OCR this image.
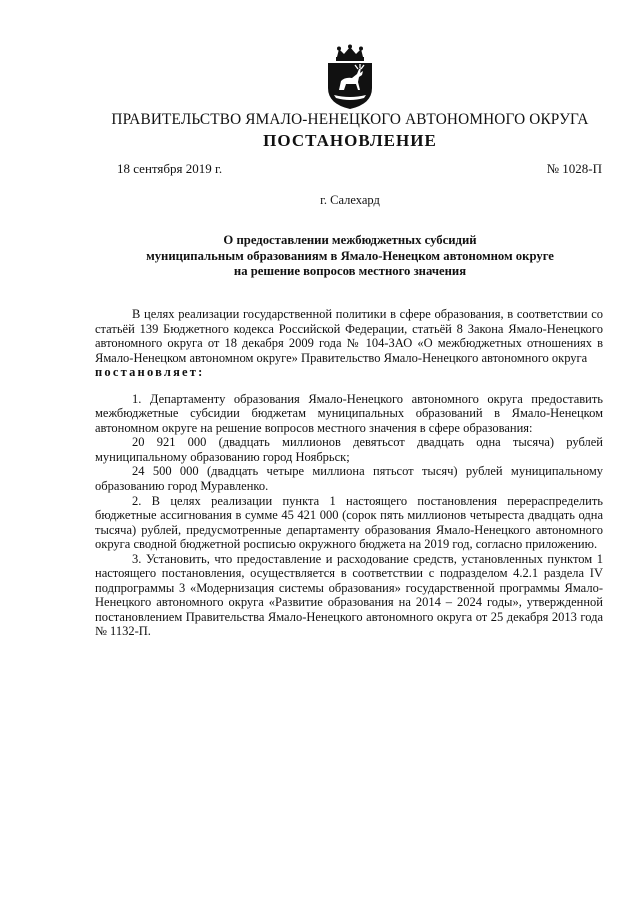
ПРАВИТЕЛЬСТВО ЯМАЛО-НЕНЕЦКОГО АВТОНОМНОГО ОКРУГА
ПОСТАНОВЛЕНИЕ
18 сентября 2019 г.	№ 1028-П
г. Салехард
О предоставлении межбюджетных субсидий
муниципальным образованиям в Ямало-Ненецком автономном округе
на решение вопросов местного значения

В целях реализации государственной политики в сфере образования, в соответствии со статьёй 139 Бюджетного кодекса Российской Федерации, статьёй 8 Закона Ямало-Ненецкого автономного округа от 18 декабря 2009 года № 104-ЗАО «О межбюджетных отношениях в Ямало-Ненецком автономном округе» Правительство Ямало-Ненецкого автономного округа
постановляет:

1. Департаменту образования Ямало-Ненецкого автономного округа предоставить межбюджетные субсидии бюджетам муниципальных образований в Ямало-Ненецком автономном округе на решение вопросов местного значения в сфере образования:

20 921 000 (двадцать миллионов девятьсот двадцать одна тысяча) рублей муниципальному образованию город Ноябрьск;

24 500 000 (двадцать четыре миллиона пятьсот тысяч) рублей муниципальному образованию город Муравленко.

2. В целях реализации пункта 1 настоящего постановления перераспределить бюджетные ассигнования в сумме 45 421 000 (сорок пять миллионов четыреста двадцать одна тысяча) рублей, предусмотренные департаменту образования Ямало-Ненецкого автономного округа сводной бюджетной росписью окружного бюджета на 2019 год, согласно приложению.

3. Установить, что предоставление и расходование средств, установленных пунктом 1 настоящего постановления, осуществляется в соответствии с подразделом 4.2.1 раздела IV подпрограммы 3 «Модернизация системы образования» государственной программы Ямало-Ненецкого автономного округа «Развитие образования на 2014 – 2024 годы», утвержденной постановлением Правительства Ямало-Ненецкого автономного округа от 25 декабря 2013 года № 1132-П.
